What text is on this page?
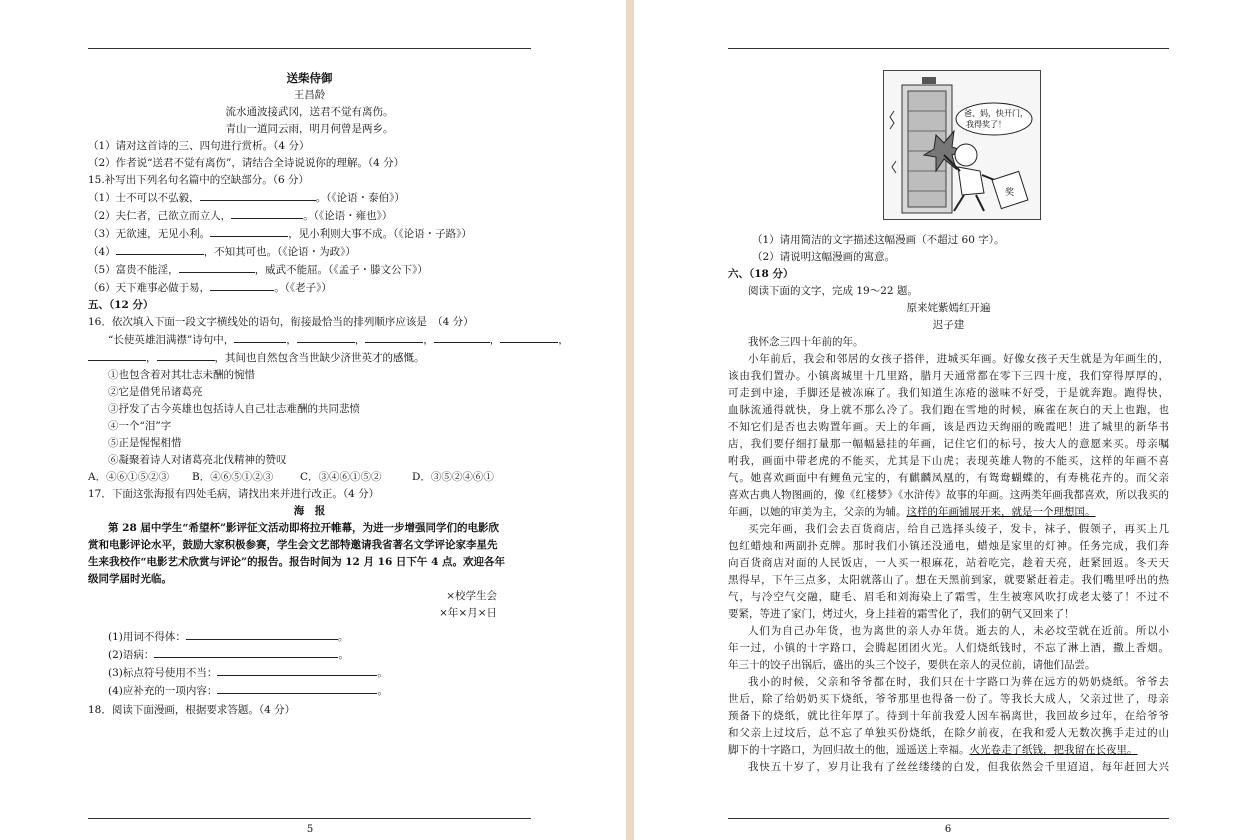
送柴侍御
王昌龄
流水通波接武冈，送君不觉有离伤。
青山一道同云雨，明月何曾是两乡。
（1）请对这首诗的三、四句进行赏析。（4 分）
（2）作者说“送君不觉有离伤”，请结合全诗说说你的理解。（4 分）
15.补写出下列名句名篇中的空缺部分。（6 分）
（1）士不可以不弘毅，	。（《论语・泰伯》）
（2）夫仁者，己欲立而立人，	。（《论语・雍也》）
（3）无欲速，无见小利。	，见小利则大事不成。（《论语・子路》）
（4）	，不知其可也。（《论语・为政》）
（5）富贵不能淫，	，威武不能屈。（《孟子・滕文公下》）
（6）天下难事必做于易，	。（《老子》）
五、（12 分）
16．依次填入下面一段文字横线处的语句，衔接最恰当的排列顺序应该是　（4 分）
“长使英雄泪满襟”诗句中，	，	，	，	，	，
，	，其间也自然包含当世缺少济世英才的感慨。
①也包含着对其壮志未酬的惋惜
②它是借凭吊诸葛亮
③抒发了古今英雄也包括诗人自己壮志难酬的共同悲愤
④一个“泪”字
⑤正是惺惺相惜
⑥凝聚着诗人对诸葛亮北伐精神的赞叹
A．④⑥①⑤②③ B．④⑥⑤①②③	C．③④⑥①⑤②	D．③⑤②④⑥①
17．下面这张海报有四处毛病，请找出来并进行改正。（4 分）
海　报
第 28 届中学生“希望杯”影评征文活动即将拉开帷幕，为进一步增强同学们的电影欣
赏和电影评论水平，鼓励大家积极参赛，学生会文艺部特邀请我省著名文学评论家李星先
生来我校作“电影艺术欣赏与评论”的报告。报告时间为 12 月 16 日下午 4 点。欢迎各年
级同学届时光临。
×校学生会
×年×月×日
(1)用词不得体：	。
(2)语病：	。
(3)标点符号使用不当：	。
(4)应补充的一项内容：	。
18．阅读下面漫画，根据要求答题。（4 分）
5
奖
爸、妈，快开门，
我得奖了！
（1）请用简洁的文字描述这幅漫画（不超过 60 字）。
（2）请说明这幅漫画的寓意。
六、（18 分）
阅读下面的文字，完成 19～22 题。
原来姹紫嫣红开遍
迟子建
我怀念三四十年前的年。
小年前后，我会和邻居的女孩子搭伴，进城买年画。好像女孩子天生就是为年画生的，
该由我们置办。小镇离城里十几里路，腊月天通常都在零下三四十度，我们穿得厚厚的，
可走到中途，手脚还是被冻麻了。我们知道生冻疮的滋味不好受，于是就奔跑。跑得快，
血脉流通得就快，身上就不那么冷了。我们跑在雪地的时候，麻雀在灰白的天上也跑，也
不知它们是否也去购置年画。天上的年画，该是西边天绚丽的晚霞吧！进了城里的新华书
店，我们要仔细打量那一幅幅悬挂的年画，记住它们的标号，按大人的意愿来买。母亲嘱
咐我，画面中带老虎的不能买，尤其是下山虎；表现英雄人物的不能买，这样的年画不喜
气。她喜欢画面中有鲤鱼元宝的，有麒麟凤凰的，有鸳鸯蝴蝶的，有寿桃花卉的。而父亲
喜欢古典人物图画的，像《红楼梦》《水浒传》故事的年画。这两类年画我都喜欢，所以我买的
年画，以她的审美为主，父亲的为辅。这样的年画铺展开来，就是一个理想国。
买完年画，我们会去百货商店，给自己选择头绫子，发卡，袜子，假领子，再买上几
包红蜡烛和两副扑克牌。那时我们小镇还没通电，蜡烛是家里的灯神。任务完成，我们奔
向百货商店对面的人民饭店，一人买一根麻花，站着吃完，趁着天亮，赶紧回返。冬天天
黑得早，下午三点多，太阳就落山了。想在天黑前到家，就要紧赶着走。我们嘴里呼出的热
气，与冷空气交融，睫毛、眉毛和刘海染上了霜雪，生生被寒风吹打成老太婆了！不过不
要紧，等进了家门，烤过火，身上挂着的霜雪化了，我们的朝气又回来了！
人们为自己办年货，也为离世的亲人办年货。逝去的人，未必坟茔就在近前。所以小
年一过，小镇的十字路口，会腾起团团火光。人们烧纸钱时，不忘了淋上酒，撒上香烟。
年三十的饺子出锅后，盛出的头三个饺子，要供在亲人的灵位前，请他们品尝。
我小的时候，父亲和爷爷都在时，我们只在十字路口为葬在远方的奶奶烧纸。爷爷去
世后，除了给奶奶买下烧纸，爷爷那里也得备一份了。等我长大成人，父亲过世了，母亲
预备下的烧纸，就比往年厚了。待到十年前我爱人因车祸离世，我回故乡过年，在给爷爷
和父亲上过坟后，总不忘了单独买份烧纸，在除夕前夜，在我和爱人无数次携手走过的山
脚下的十字路口，为回归故土的他，遥遥送上幸福。火光卷走了纸钱，把我留在长夜里。
我快五十岁了，岁月让我有了丝丝缕缕的白发，但我依然会千里迢迢，每年赶回大兴
6
